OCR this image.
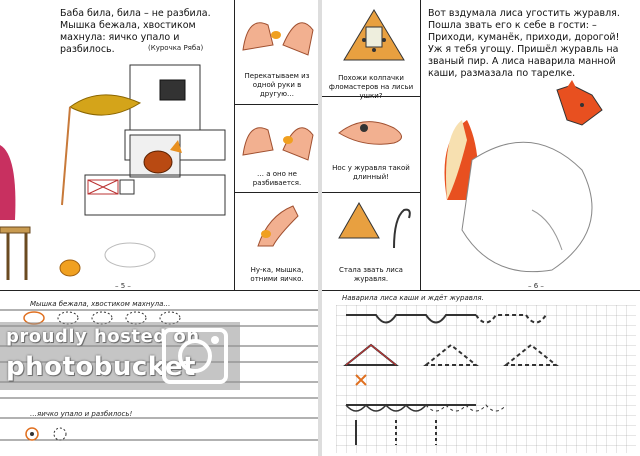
Баба била, била – не разбила. Мышка бежала, хвостиком махнула: яичко упало и разбилось.	(Курочка Ряба)
– 5 –
Перекатываем из одной руки в другую…
… а оно не разбивается.
Ну-ка, мышка, отними яичко.
Мышка бежала, хвостиком махнула…
…яичко упало и разбилось!
Похожи колпачки фломастеров на лисьи ушки?
Нос у журавля такой длинный!
Стала звать лиса журавля.
Вот вздумала лиса угостить журавля. Пошла звать его к себе в гости: – Приходи, куманёк, приходи, дорогой! Уж я тебя угощу. Пришёл журавль на званый пир. А лиса наварила манной каши, размазала по тарелке.
– 6 –
Наварила лиса каши и ждёт журавля.
proudly hosted on
photobucket
